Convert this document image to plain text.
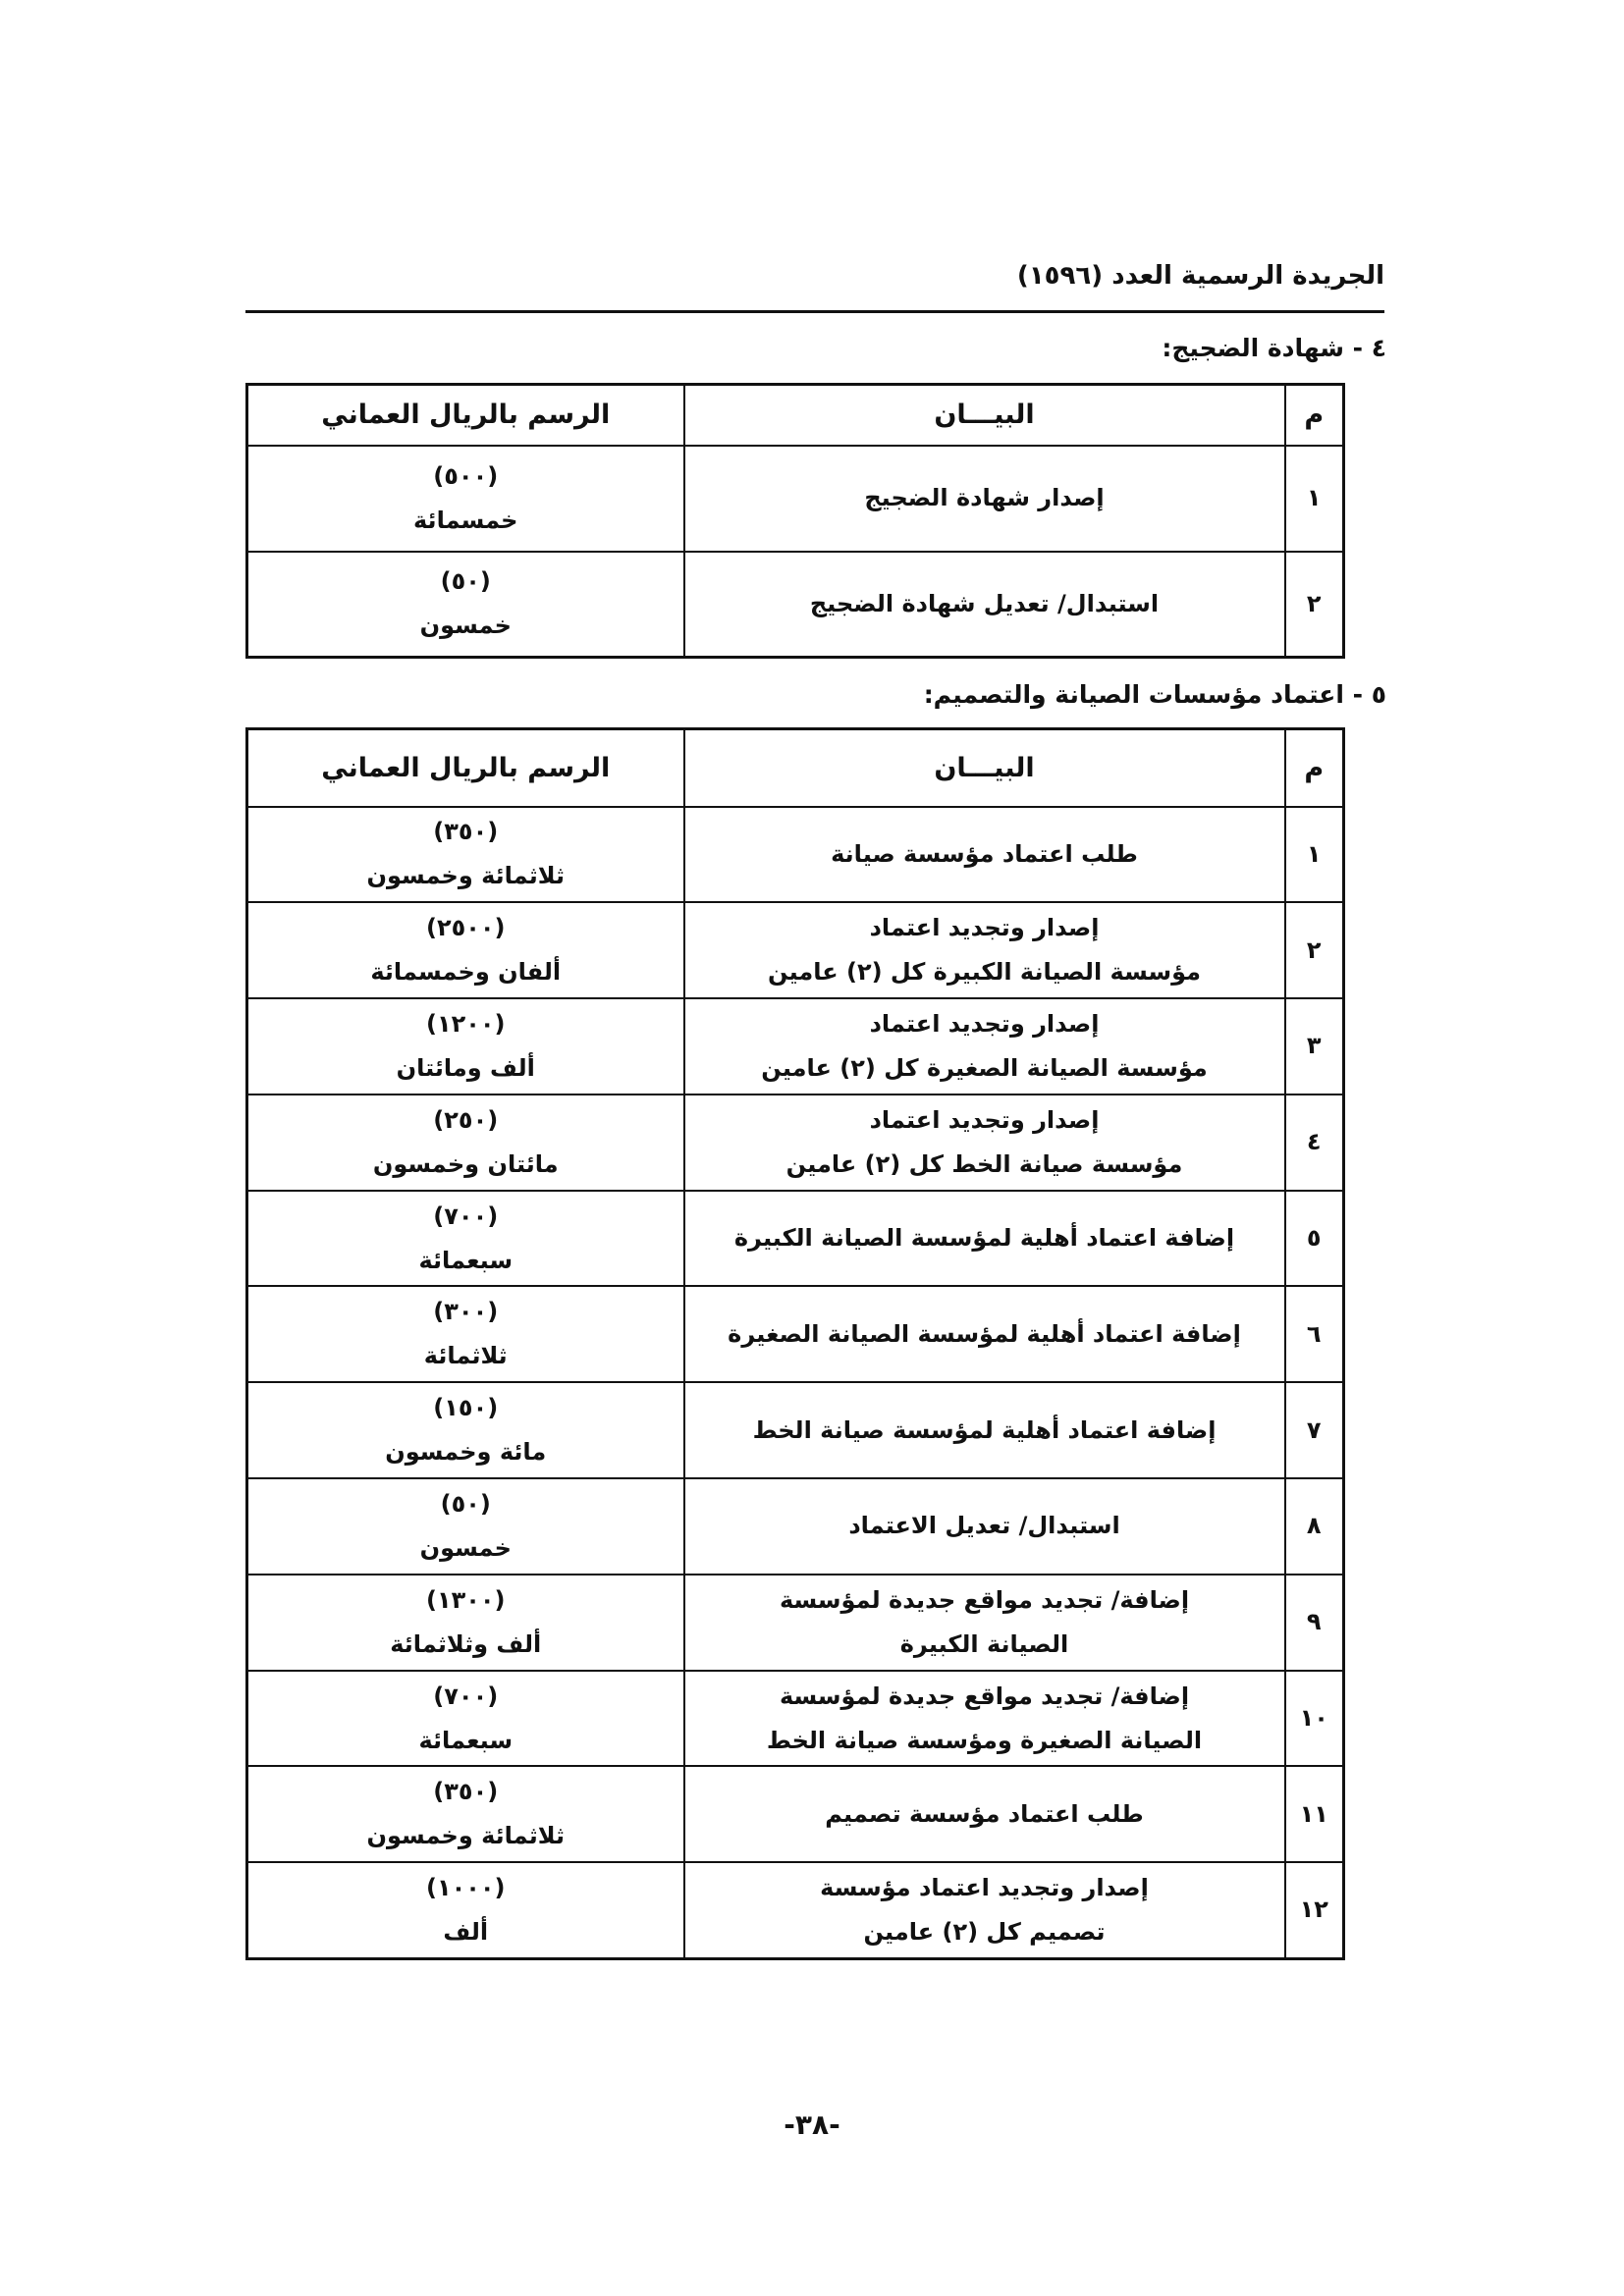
الجريدة الرسمية العدد (١٥٩٦)
٤ - شهادة الضجيج:
م	البيـــان	الرسم بالريال العماني
١	إصدار شهادة الضجيج	(٥٠٠)
خمسمائة

٢	استبدال/ تعديل شهادة الضجيج	(٥٠)
خمسون
٥ - اعتماد مؤسسات الصيانة والتصميم:
م	البيـــان	الرسم بالريال العماني
١	طلب اعتماد مؤسسة صيانة	(٣٥٠)
ثلاثمائة وخمسون

٢	إصدار وتجديد اعتماد
مؤسسة الصيانة الكبيرة كل (٢) عامين	(٢٥٠٠)
ألفان وخمسمائة

٣	إصدار وتجديد اعتماد
مؤسسة الصيانة الصغيرة كل (٢) عامين	(١٢٠٠)
ألف ومائتان

٤	إصدار وتجديد اعتماد
مؤسسة صيانة الخط كل (٢) عامين	(٢٥٠)
مائتان وخمسون

٥	إضافة اعتماد أهلية لمؤسسة الصيانة الكبيرة	(٧٠٠)
سبعمائة

٦	إضافة اعتماد أهلية لمؤسسة الصيانة الصغيرة	(٣٠٠)
ثلاثمائة

٧	إضافة اعتماد أهلية لمؤسسة صيانة الخط	(١٥٠)
مائة وخمسون

٨	استبدال/ تعديل الاعتماد	(٥٠)
خمسون

٩	إضافة/ تجديد مواقع جديدة لمؤسسة
الصيانة الكبيرة	(١٣٠٠)
ألف وثلاثمائة

١٠	إضافة/ تجديد مواقع جديدة لمؤسسة
الصيانة الصغيرة ومؤسسة صيانة الخط	(٧٠٠)
سبعمائة

١١	طلب اعتماد مؤسسة تصميم	(٣٥٠)
ثلاثمائة وخمسون

١٢	إصدار وتجديد اعتماد مؤسسة
تصميم كل (٢) عامين	(١٠٠٠)
ألف
-٣٨-
